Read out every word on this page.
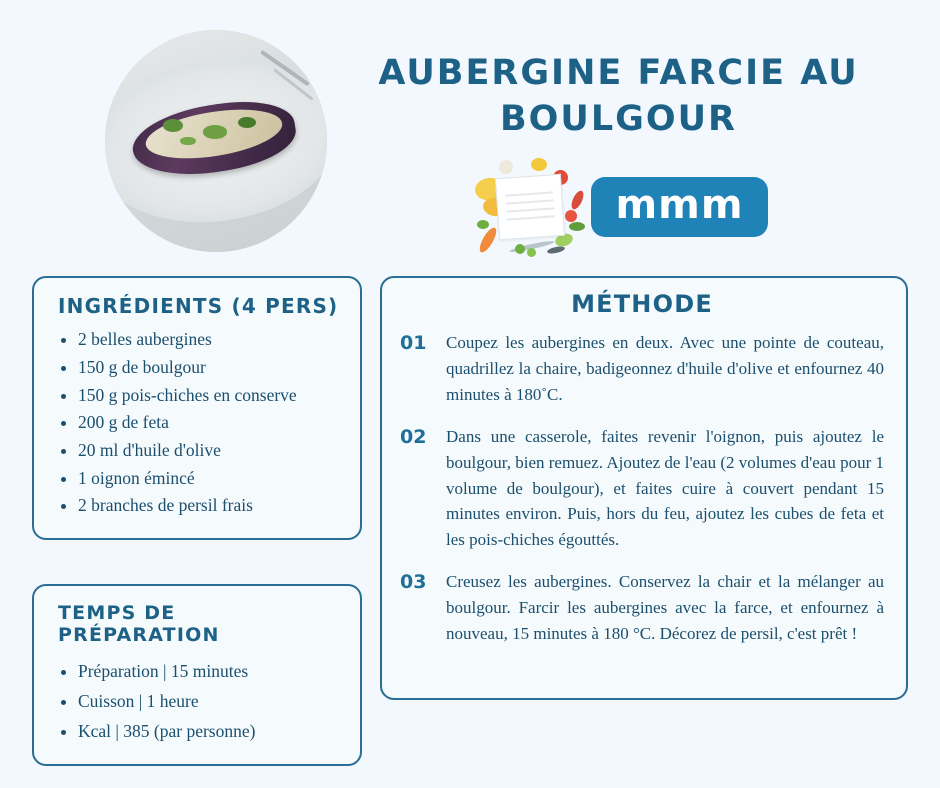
AUBERGINE FARCIE AU BOULGOUR
mmm
INGRÉDIENTS (4 PERS)
• 2 belles aubergines
• 150 g de boulgour
• 150 g pois-chiches en conserve
• 200 g de feta
• 20 ml d'huile d'olive
• 1 oignon émincé
• 2 branches de persil frais
TEMPS DE PRÉPARATION
• Préparation | 15 minutes
• Cuisson | 1 heure
• Kcal | 385 (par personne)
MÉTHODE
01	Coupez les aubergines en deux. Avec une pointe de couteau, quadrillez la chaire, badigeonnez d'huile d'olive et enfournez 40 minutes à 180˚C.
02	Dans une casserole, faites revenir l'oignon, puis ajoutez le boulgour, bien remuez. Ajoutez de l'eau (2 volumes d'eau pour 1 volume de boulgour), et faites cuire à couvert pendant 15 minutes environ. Puis, hors du feu, ajoutez les cubes de feta et les pois-chiches égouttés.
03	Creusez les aubergines. Conservez la chair et la mélanger au boulgour. Farcir les aubergines avec la farce, et enfournez à nouveau, 15 minutes à 180 °C. Décorez de persil, c'est prêt !
